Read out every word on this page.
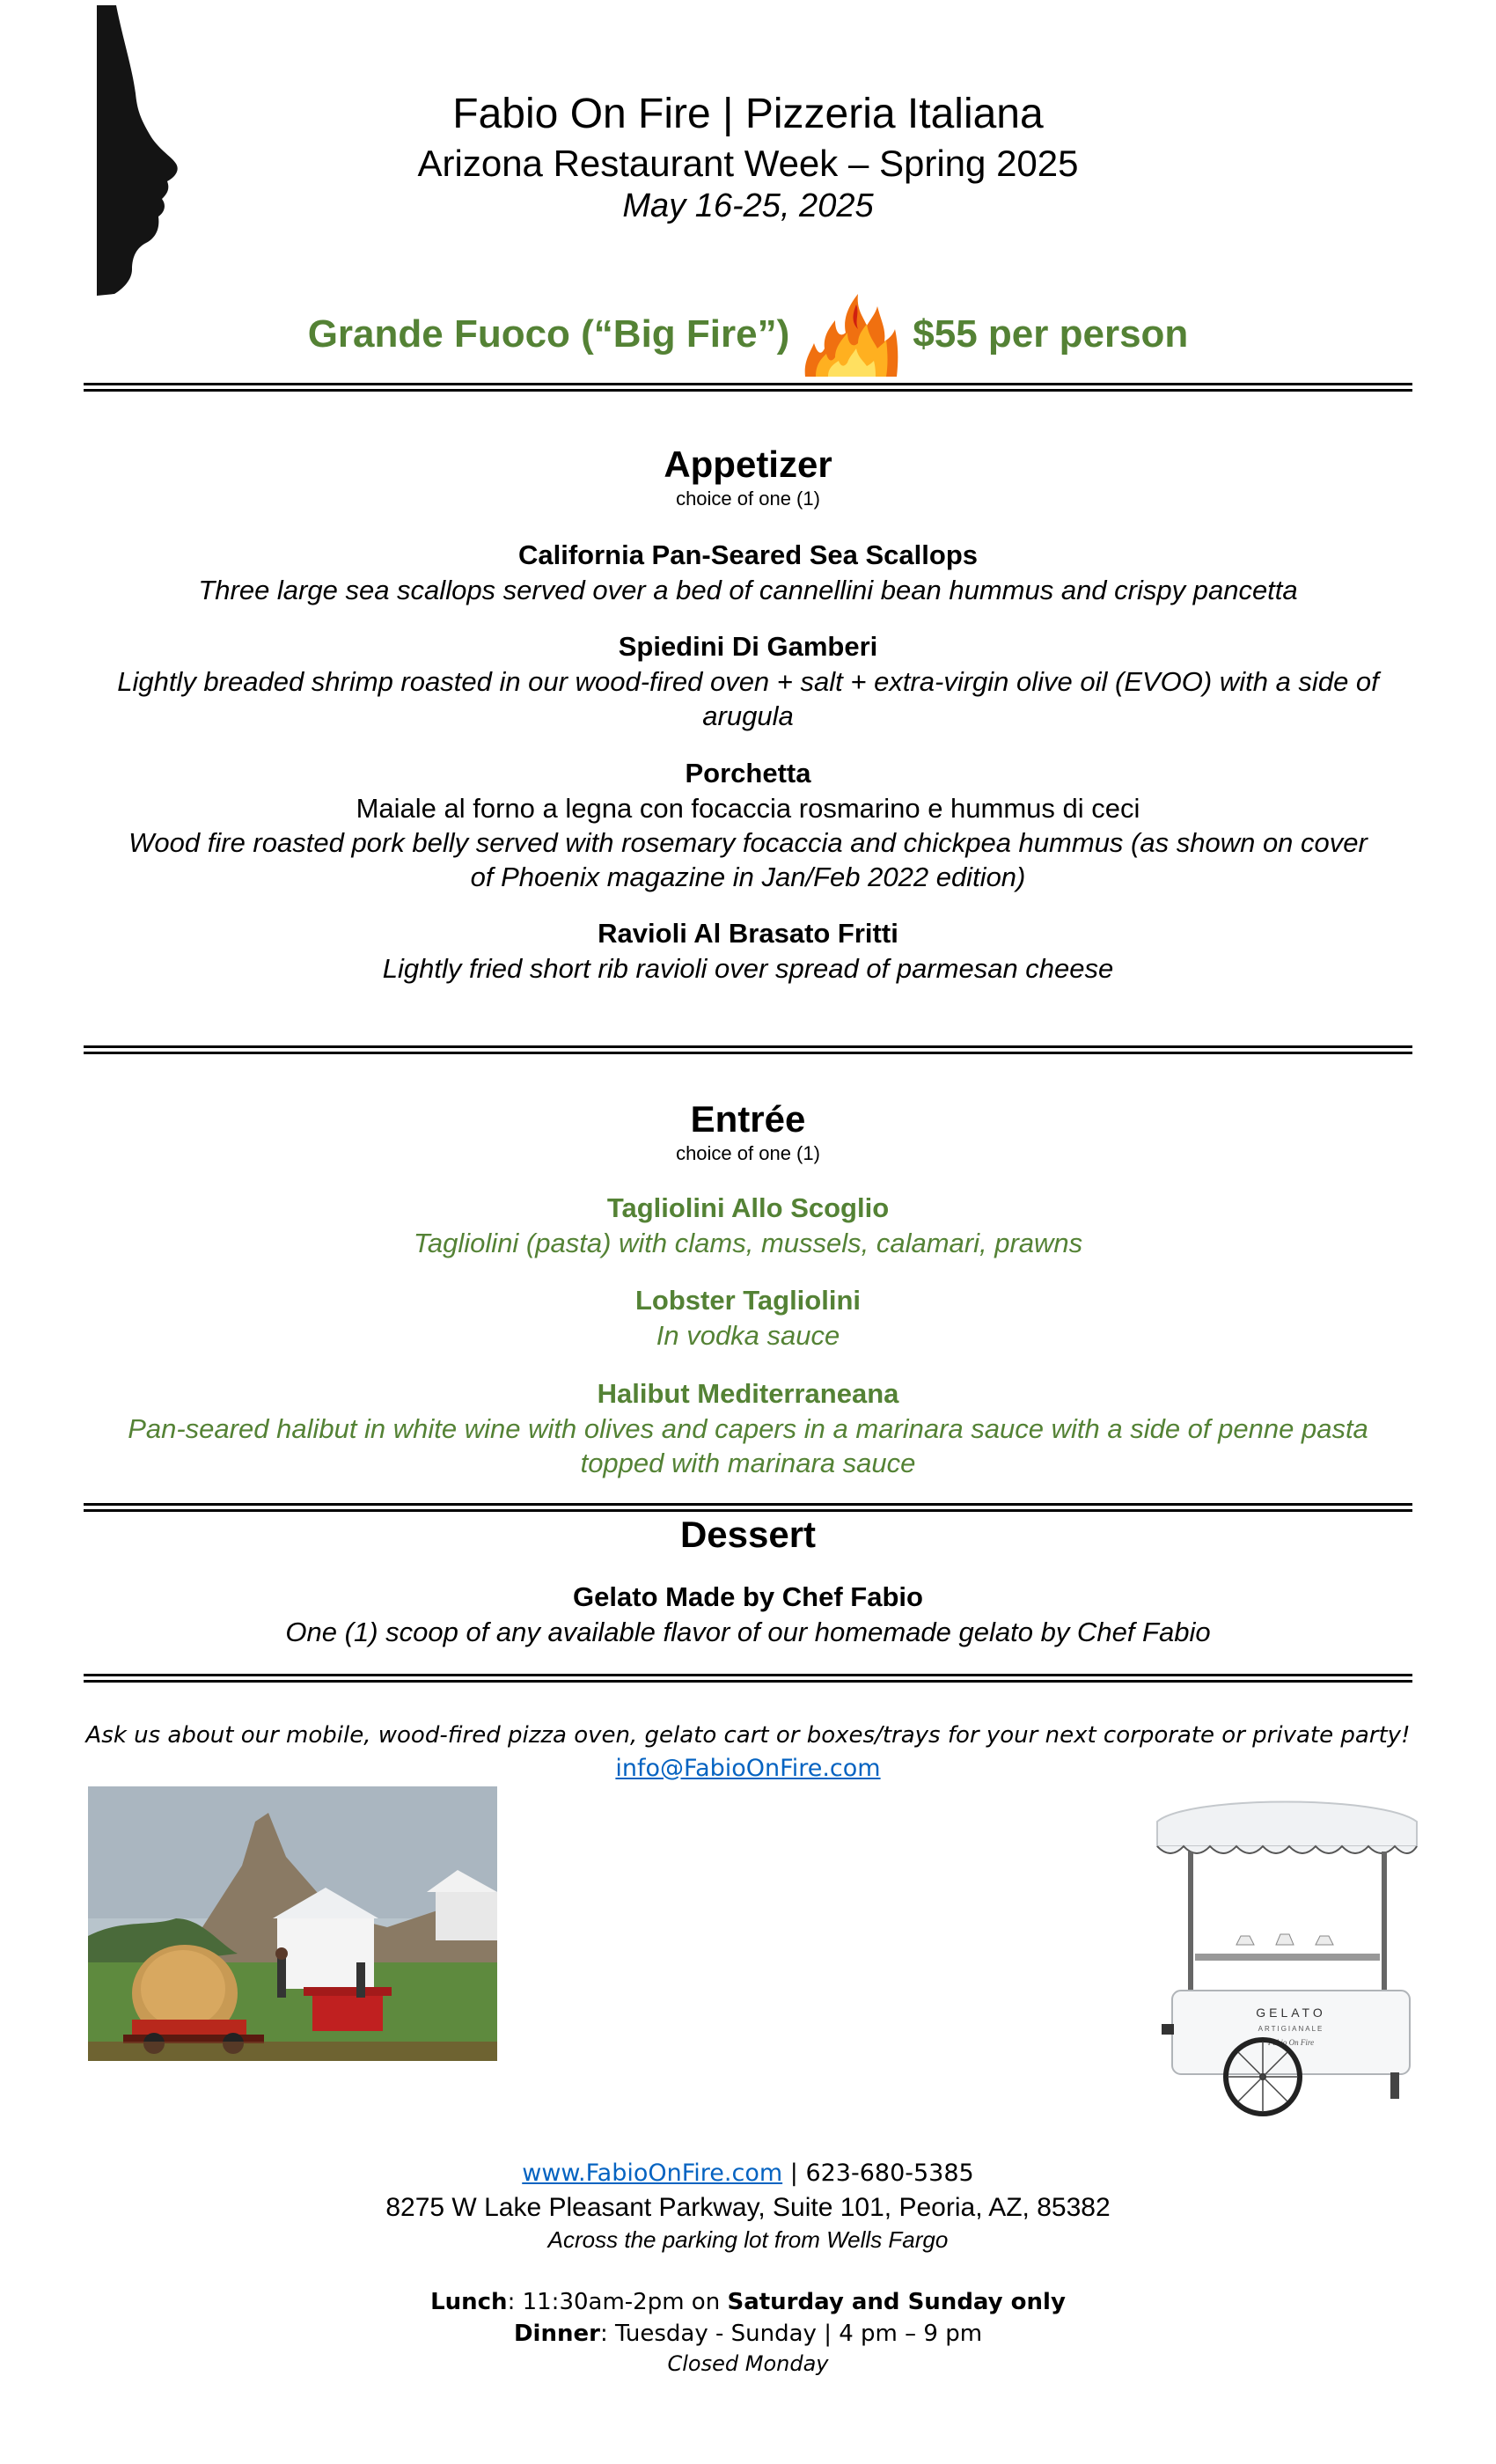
Fabio On Fire | Pizzeria Italiana
Arizona Restaurant Week – Spring 2025
May 16-25, 2025
Grande Fuoco (“Big Fire”)	$55 per person
Appetizer
choice of one (1)
California Pan-Seared Sea Scallops
Three large sea scallops served over a bed of cannellini bean hummus and crispy pancetta
Spiedini Di Gamberi
Lightly breaded shrimp roasted in our wood-fired oven + salt + extra-virgin olive oil (EVOO) with a side of arugula
Porchetta
Maiale al forno a legna con focaccia rosmarino e hummus di ceci
Wood fire roasted pork belly served with rosemary focaccia and chickpea hummus (as shown on cover of Phoenix magazine in Jan/Feb 2022 edition)
Ravioli Al Brasato Fritti
Lightly fried short rib ravioli over spread of parmesan cheese
Entrée
choice of one (1)
Tagliolini Allo Scoglio
Tagliolini (pasta) with clams, mussels, calamari, prawns
Lobster Tagliolini
In vodka sauce
Halibut Mediterraneana
Pan-seared halibut in white wine with olives and capers in a marinara sauce with a side of penne pasta topped with marinara sauce
Dessert
Gelato Made by Chef Fabio
One (1) scoop of any available flavor of our homemade gelato by Chef Fabio
Ask us about our mobile, wood-fired pizza oven, gelato cart or boxes/trays for your next corporate or private party!
info@FabioOnFire.com
GELATO
ARTIGIANALE
Fabio On Fire
www.FabioOnFire.com | 623-680-5385
8275 W Lake Pleasant Parkway, Suite 101, Peoria, AZ, 85382
Across the parking lot from Wells Fargo
Lunch: 11:30am-2pm on Saturday and Sunday only
Dinner: Tuesday - Sunday | 4 pm – 9 pm
Closed Monday
